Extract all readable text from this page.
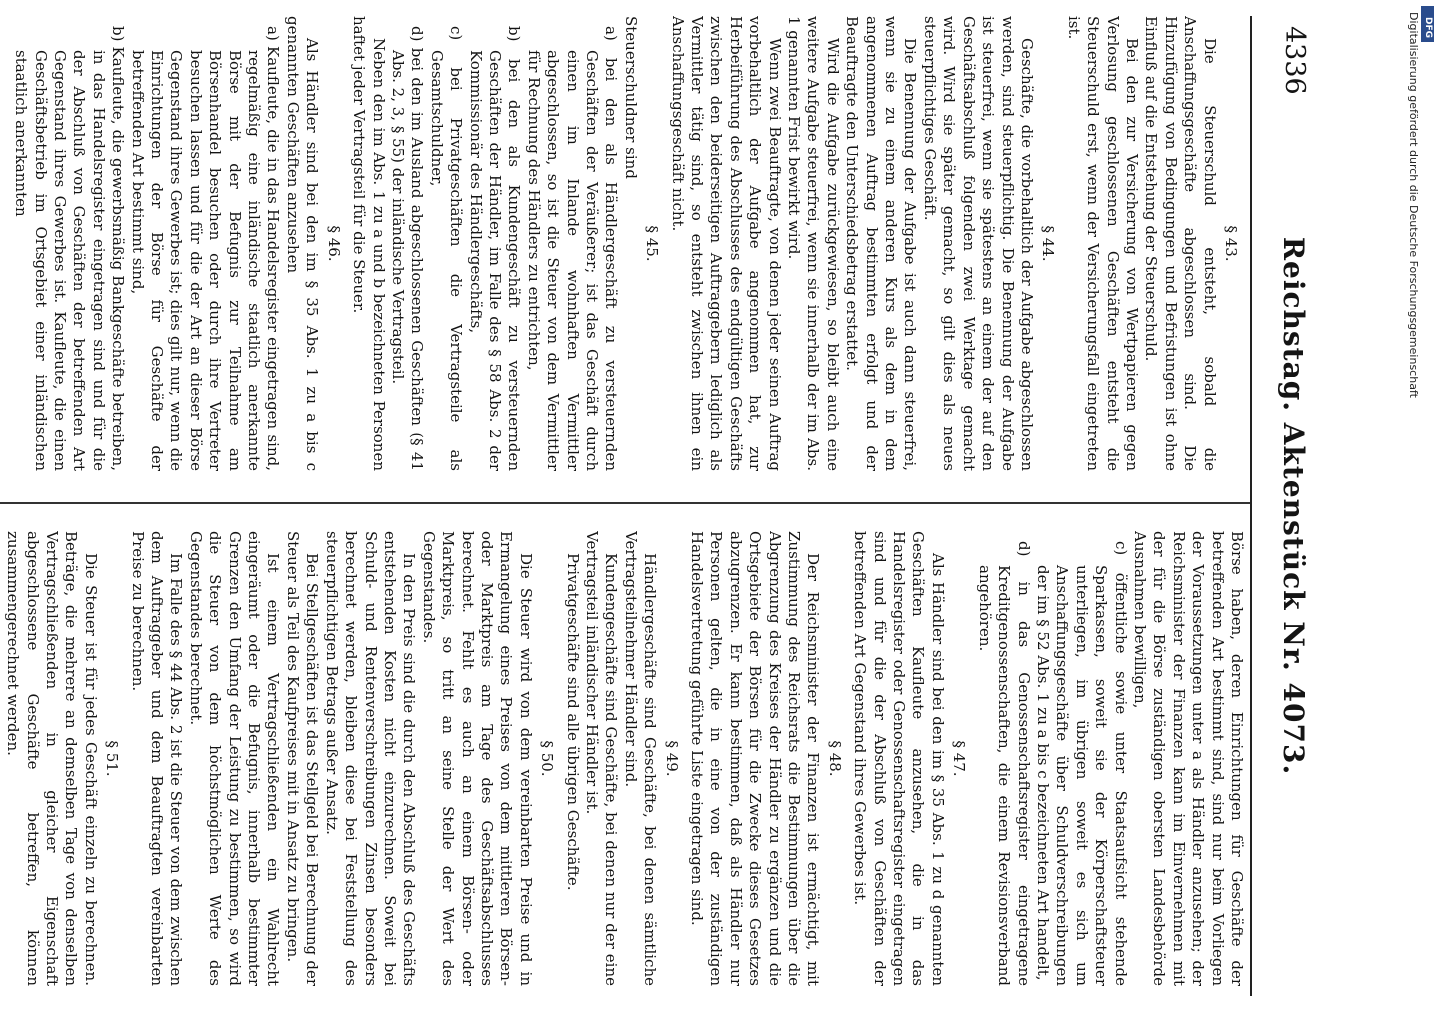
4336
Reichstag. Aktenstück Nr. 4073.

§ 43.

Die Steuerschuld entsteht, sobald die Anschaffungsgeschäfte abgeschlossen sind. Die Hinzufügung von Bedingungen und Befristungen ist ohne Einfluß auf die Entstehung der Steuerschuld.

Bei den zur Versicherung von Wertpapieren gegen Verlosung geschlossenen Geschäften entsteht die Steuerschuld erst, wenn der Versicherungsfall eingetreten ist.

§ 44.

Geschäfte, die vorbehaltlich der Aufgabe abgeschlossen werden, sind steuerpflichtig. Die Benennung der Aufgabe ist steuerfrei, wenn sie spätestens an einem der auf den Geschäftsabschluß folgenden zwei Werktage gemacht wird. Wird sie später gemacht, so gilt dies als neues steuerpflichtiges Geschäft.

Die Benennung der Aufgabe ist auch dann steuerfrei, wenn sie zu einem anderen Kurs als dem in dem angenommenen Auftrag bestimmten erfolgt und der Beauftragte den Unterschiedsbetrag erstattet.

Wird die Aufgabe zurückgewiesen, so bleibt auch eine weitere Aufgabe steuerfrei, wenn sie innerhalb der im Abs. 1 genannten Frist bewirkt wird.

Wenn zwei Beauftragte, von denen jeder seinen Auftrag vorbehaltlich der Aufgabe angenommen hat, zur Herbeiführung des Abschlusses des endgültigen Geschäfts zwischen den beiderseitigen Auftraggebern lediglich als Vermittler tätig sind, so entsteht zwischen ihnen ein Anschaffungsgeschäft nicht.

§ 45.

Steuerschuldner sind

a) bei den als Händlergeschäft zu versteuernden Geschäften der Veräußerer; ist das Geschäft durch einen im Inlande wohnhaften Vermittler abgeschlossen, so ist die Steuer von dem Vermittler für Rechnung des Händlers zu entrichten,

b) bei den als Kundengeschäft zu versteuernden Geschäften der Händler, im Falle des § 58 Abs. 2 der Kommissionär des Händlergeschäfts,

c) bei Privatgeschäften die Vertragsteile als Gesamtschuldner,

d) bei den im Ausland abgeschlossenen Geschäften (§ 41 Abs. 2, 3, § 55) der inländische Vertragsteil.

Neben den im Abs. 1 zu a und b bezeichneten Personen haftet jeder Vertragsteil für die Steuer.

§ 46.

Als Händler sind bei den im § 35 Abs. 1 zu a bis c genannten Geschäften anzusehen

a) Kaufleute, die in das Handelsregister eingetragen sind, regelmäßig eine inländische staatlich anerkannte Börse mit der Befugnis zur Teilnahme am Börsenhandel besuchen oder durch ihre Vertreter besuchen lassen und für die der Art an dieser Börse Gegenstand ihres Gewerbes ist; dies gilt nur, wenn die Einrichtungen der Börse für Geschäfte der betreffenden Art bestimmt sind,

b) Kaufleute, die gewerbsmäßig Bankgeschäfte betreiben, in das Handelsregister eingetragen sind und für die der Abschluß von Geschäften der betreffenden Art Gegenstand ihres Gewerbes ist. Kaufleute, die einen Geschäftsbetrieb im Ortsgebiet einer inländischen staatlich anerkannten

Börse haben, deren Einrichtungen für Geschäfte der betreffenden Art bestimmt sind, sind nur beim Vorliegen der Voraussetzungen unter a als Händler anzusehen; der Reichsminister der Finanzen kann im Einvernehmen mit der für die Börse zuständigen obersten Landesbehörde Ausnahmen bewilligen,

c) öffentliche sowie unter Staatsaufsicht stehende Sparkassen, soweit sie der Körperschaftsteuer unterliegen, im übrigen soweit es sich um Anschaffungsgeschäfte über Schuldverschreibungen der im § 52 Abs. 1 zu a bis c bezeichneten Art handelt,

d) in das Genossenschaftsregister eingetragene Kreditgenossenschaften, die einem Revisionsverband angehören.

§ 47.

Als Händler sind bei den im § 35 Abs. 1 zu d genannten Geschäften Kaufleute anzusehen, die in das Handelsregister oder Genossenschaftsregister eingetragen sind und für die der Abschluß von Geschäften der betreffenden Art Gegenstand ihres Gewerbes ist.

§ 48.

Der Reichsminister der Finanzen ist ermächtigt, mit Zustimmung des Reichsrats die Bestimmungen über die Abgrenzung des Kreises der Händler zu ergänzen und die Ortsgebiete der Börsen für die Zwecke dieses Gesetzes abzugrenzen. Er kann bestimmen, daß als Händler nur Personen gelten, die in eine von der zuständigen Handelsvertretung geführte Liste eingetragen sind.

§ 49.

Händlergeschäfte sind Geschäfte, bei denen sämtliche Vertragsteilnehmer Händler sind.

Kundengeschäfte sind Geschäfte, bei denen nur der eine Vertragsteil inländischer Händler ist.

Privatgeschäfte sind alle übrigen Geschäfte.

§ 50.

Die Steuer wird von dem vereinbarten Preise und in Ermangelung eines Preises von dem mittleren Börsen- oder Marktpreis am Tage des Geschäftsabschlusses berechnet. Fehlt es auch an einem Börsen- oder Marktpreis, so tritt an seine Stelle der Wert des Gegenstandes.

In den Preis sind die durch den Abschluß des Geschäfts entstehenden Kosten nicht einzurechnen. Soweit bei Schuld- und Rentenverschreibungen Zinsen besonders berechnet werden, bleiben diese bei Feststellung des steuerpflichtigen Betrags außer Ansatz.

Bei Stellgeschäften ist das Stellgeld bei Berechnung der Steuer als Teil des Kaufpreises mit in Ansatz zu bringen.

Ist einem Vertragschließenden ein Wahlrecht eingeräumt oder die Befugnis, innerhalb bestimmter Grenzen den Umfang der Leistung zu bestimmen, so wird die Steuer von dem höchstmöglichen Werte des Gegenstandes berechnet.

Im Falle des § 44 Abs. 2 ist die Steuer von dem zwischen dem Auftraggeber und dem Beauftragten vereinbarten Preise zu berechnen.

§ 51.

Die Steuer ist für jedes Geschäft einzeln zu berechnen. Beträge, die mehrere an demselben Tage von denselben Vertragschließenden in gleicher Eigenschaft abgeschlossene Geschäfte betreffen, können zusammengerechnet werden.

Digitalisierung gefördert durch die Deutsche Forschungsgemeinschaft DFG
